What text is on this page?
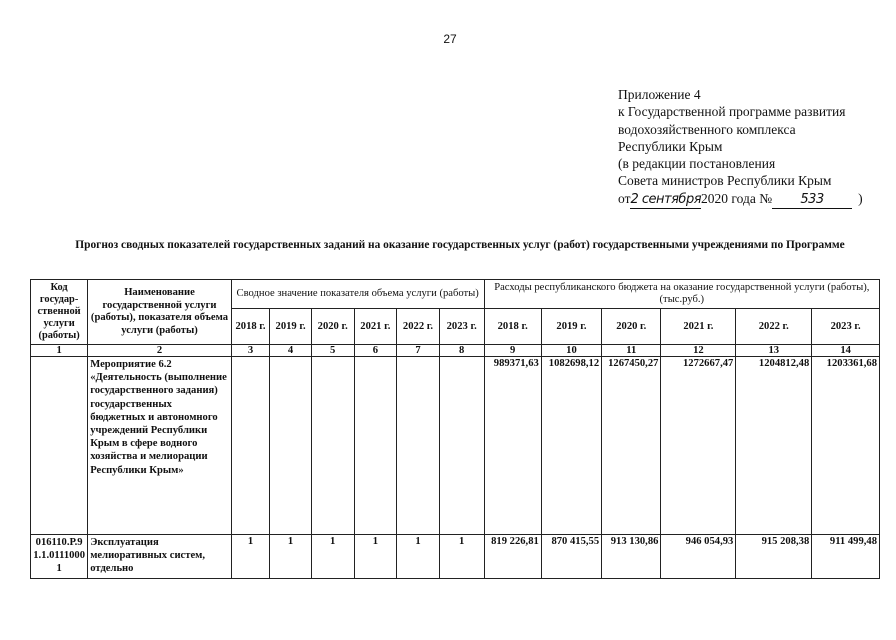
27
Приложение 4
к Государственной программе развития
водохозяйственного комплекса
Республики Крым
(в редакции постановления
Совета министров Республики Крым
от2 сентября2020 года № 533	)
Прогноз сводных показателей государственных заданий на оказание государственных услуг (работ) государственными учреждениями по Программе
Код государ-ственной услуги (работы)	Наименование государственной услуги (работы), показателя объема услуги (работы)	Сводное значение показателя объема услуги (работы)						Расходы республиканского бюджета на оказание государственной услуги (работы), (тыс.руб.)					
		2018 г.	2019 г.	2020 г.	2021 г.	2022 г.	2023 г.	2018 г.	2019 г.	2020 г.	2021 г.	2022 г.	2023 г.
1	2	3	4	5	6	7	8	9	10	11	12	13	14
	Мероприятие 6.2 «Деятельность (выполнение государственного задания) государственных бюджетных и автономного учреждений Республики Крым в сфере водного хозяйства и мелиорации Республики Крым»							989371,63	1082698,12	1267450,27	1272667,47	1204812,48	1203361,68
016110.Р.91.1.01110001	Эксплуатация мелиоративных систем, отдельно	1	1	1	1	1	1	819 226,81	870 415,55	913 130,86	946 054,93	915 208,38	911 499,48
